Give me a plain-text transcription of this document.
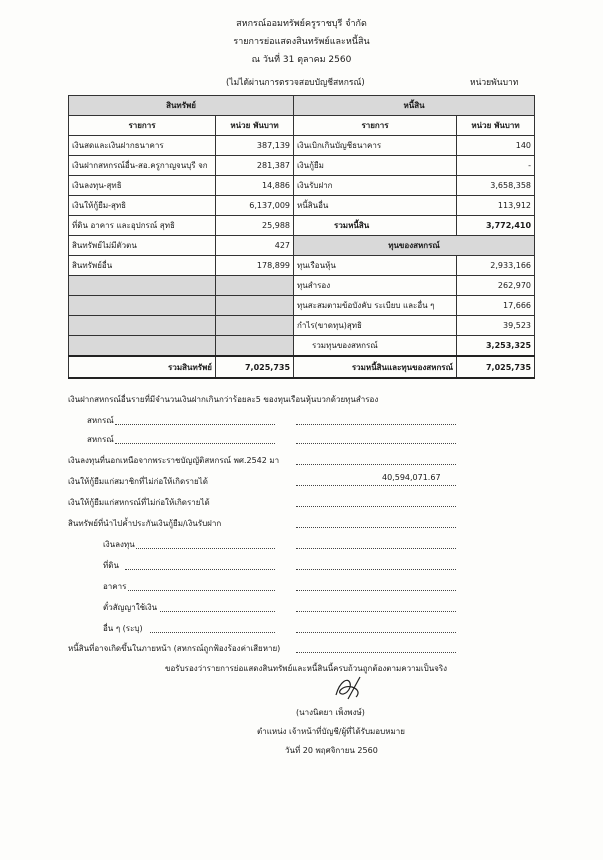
สหกรณ์ออมทรัพย์ครูราชบุรี จำกัด
รายการย่อแสดงสินทรัพย์และหนี้สิน
ณ วันที่ 31 ตุลาคม 2560
(ไม่ได้ผ่านการตรวจสอบบัญชีสหกรณ์)	หน่วยพันบาท
สินทรัพย์		หนี้สิน	
รายการ	หน่วย พันบาท	รายการ	หน่วย พันบาท
เงินสดและเงินฝากธนาคาร	387,139	เงินเบิกเกินบัญชีธนาคาร	140
เงินฝากสหกรณ์อื่น-สอ.ครูกาญจนบุรี จก	281,387	เงินกู้ยืม	-
เงินลงทุน-สุทธิ	14,886	เงินรับฝาก	3,658,358
เงินให้กู้ยืม-สุทธิ	6,137,009	หนี้สินอื่น	113,912
ที่ดิน อาคาร และอุปกรณ์ สุทธิ	25,988	รวมหนี้สิน	3,772,410
สินทรัพย์ไม่มีตัวตน	427	ทุนของสหกรณ์	
สินทรัพย์อื่น	178,899	ทุนเรือนหุ้น	2,933,166
		ทุนสำรอง	262,970
		ทุนสะสมตามข้อบังคับ ระเบียบ และอื่น ๆ	17,666
		กำไร(ขาดทุน)สุทธิ	39,523
		รวมทุนของสหกรณ์	3,253,325
รวมสินทรัพย์	7,025,735	รวมหนี้สินและทุนของสหกรณ์	7,025,735
เงินฝากสหกรณ์อื่นรายที่มีจำนวนเงินฝากเกินกว่าร้อยละ5 ของทุนเรือนหุ้นบวกด้วยทุนสำรอง
สหกรณ์
สหกรณ์
เงินลงทุนที่นอกเหนือจากพระราชบัญญัติสหกรณ์ พศ.2542 มา
เงินให้กู้ยืมแก่สมาชิกที่ไม่ก่อให้เกิดรายได้	40,594,071.67
เงินให้กู้ยืมแก่สหกรณ์ที่ไม่ก่อให้เกิดรายได้
สินทรัพย์ที่นำไปค้ำประกันเงินกู้ยืม/เงินรับฝาก
เงินลงทุน
ที่ดิน
อาคาร
ตั๋วสัญญาใช้เงิน
อื่น ๆ (ระบุ)
หนี้สินที่อาจเกิดขึ้นในภายหน้า (สหกรณ์ถูกฟ้องร้องค่าเสียหาย)
ขอรับรองว่ารายการย่อแสดงสินทรัพย์และหนี้สินนี้ครบถ้วนถูกต้องตามความเป็นจริง
(นางนิตยา เพ็งพงษ์)
ตำแหน่ง เจ้าหน้าที่บัญชี/ผู้ที่ได้รับมอบหมาย
วันที่ 20 พฤศจิกายน 2560
